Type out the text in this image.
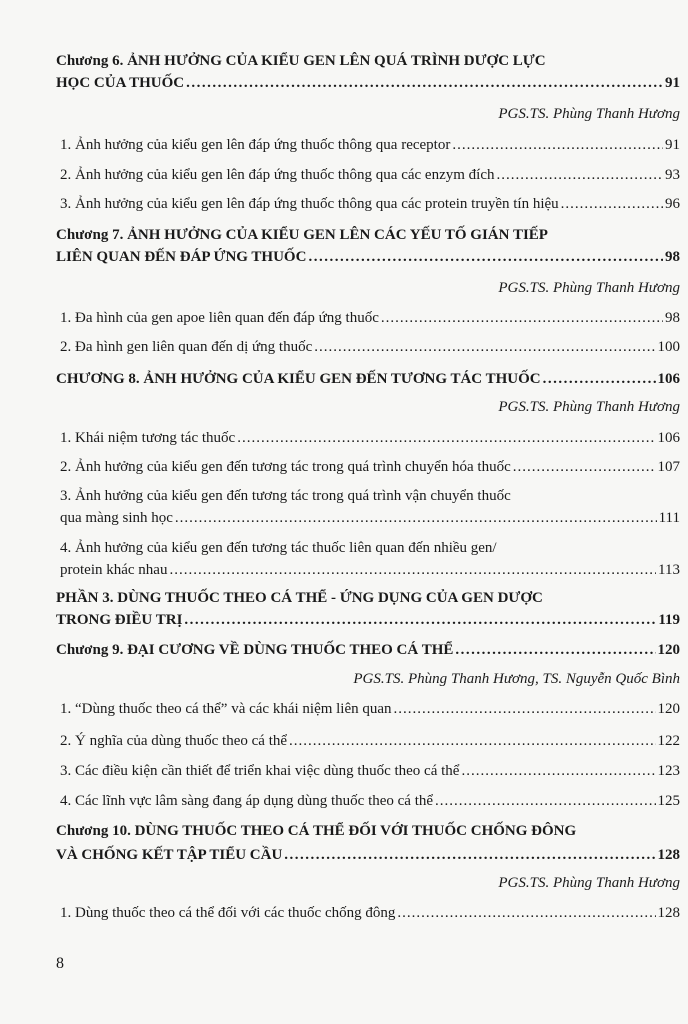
Chương 6. ẢNH HƯỞNG CỦA KIỂU GEN LÊN QUÁ TRÌNH DƯỢC LỰC
HỌC CỦA THUỐC .....	91
PGS.TS. Phùng Thanh Hương
1. Ảnh hưởng của kiểu gen lên đáp ứng thuốc thông qua receptor .....	91
2. Ảnh hưởng của kiểu gen lên đáp ứng thuốc thông qua các enzym đích .....	93
3. Ảnh hưởng của kiểu gen lên đáp ứng thuốc thông qua các protein truyền tín hiệu .....	96
Chương 7. ẢNH HƯỞNG CỦA KIỂU GEN LÊN CÁC YẾU TỐ GIÁN TIẾP
LIÊN QUAN ĐẾN ĐÁP ỨNG THUỐC .....	98
PGS.TS. Phùng Thanh Hương
1. Đa hình của gen apoe liên quan đến đáp ứng thuốc .....	98
2. Đa hình gen liên quan đến dị ứng thuốc .....	100
CHƯƠNG 8. ẢNH HƯỞNG CỦA KIỂU GEN ĐẾN TƯƠNG TÁC THUỐC .....	106
PGS.TS. Phùng Thanh Hương
1. Khái niệm tương tác thuốc .....	106
2. Ảnh hưởng của kiểu gen đến tương tác trong quá trình chuyển hóa thuốc .....	107
3. Ảnh hưởng của kiểu gen đến tương tác trong quá trình vận chuyển thuốc
qua màng sinh học .....	111
4. Ảnh hưởng của kiểu gen đến tương tác thuốc liên quan đến nhiều gen/
protein khác nhau .....	113
PHẦN 3. DÙNG THUỐC THEO CÁ THỂ - ỨNG DỤNG CỦA GEN DƯỢC
TRONG ĐIỀU TRỊ .....	119
Chương 9. ĐẠI CƯƠNG VỀ DÙNG THUỐC THEO CÁ THỂ .....	120
PGS.TS. Phùng Thanh Hương, TS. Nguyễn Quốc Bình
1. “Dùng thuốc theo cá thể” và các khái niệm liên quan .....	120
2. Ý nghĩa của dùng thuốc theo cá thể .....	122
3. Các điều kiện cần thiết để triển khai việc dùng thuốc theo cá thể .....	123
4. Các lĩnh vực lâm sàng đang áp dụng dùng thuốc theo cá thể .....	125
Chương 10. DÙNG THUỐC THEO CÁ THỂ ĐỐI VỚI THUỐC CHỐNG ĐÔNG
VÀ CHỐNG KẾT TẬP TIỂU CẦU .....	128
PGS.TS. Phùng Thanh Hương
1. Dùng thuốc theo cá thể đối với các thuốc chống đông .....	128
8
